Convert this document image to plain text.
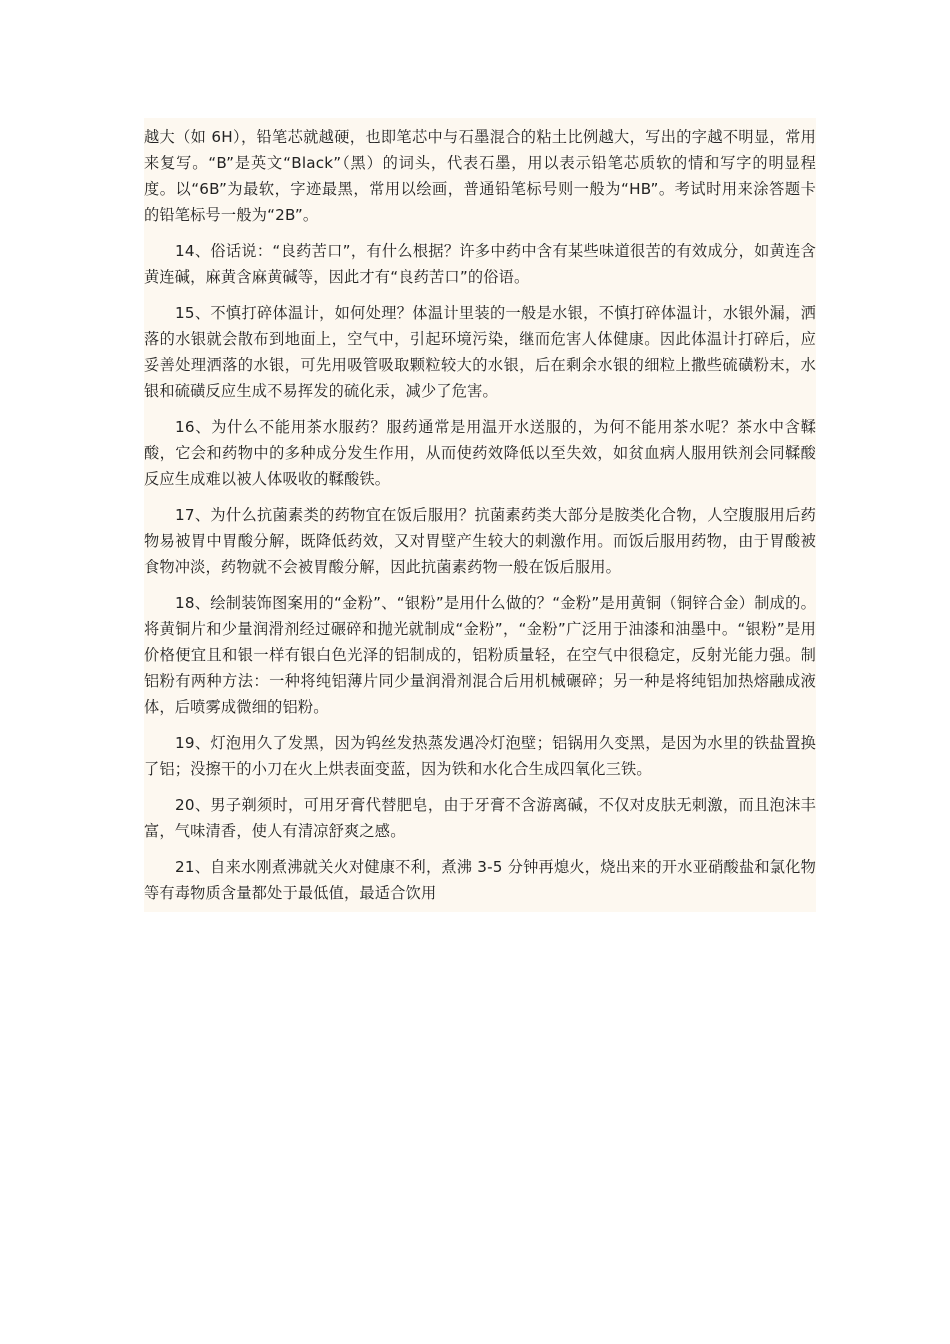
越大（如 6H），铅笔芯就越硬，也即笔芯中与石墨混合的粘土比例越大，写出的字越不明显，常用来复写。“B”是英文“Black”（黑）的词头，代表石墨，用以表示铅笔芯质软的情和写字的明显程度。以“6B”为最软，字迹最黑，常用以绘画，普通铅笔标号则一般为“HB”。考试时用来涂答题卡的铅笔标号一般为“2B”。

14、俗话说：“良药苦口”，有什么根据？许多中药中含有某些味道很苦的有效成分，如黄连含黄连碱，麻黄含麻黄碱等，因此才有“良药苦口”的俗语。

15、不慎打碎体温计，如何处理？体温计里装的一般是水银，不慎打碎体温计，水银外漏，洒落的水银就会散布到地面上，空气中，引起环境污染，继而危害人体健康。因此体温计打碎后，应妥善处理洒落的水银，可先用吸管吸取颗粒较大的水银，后在剩余水银的细粒上撒些硫磺粉末，水银和硫磺反应生成不易挥发的硫化汞，减少了危害。

16、为什么不能用茶水服药？服药通常是用温开水送服的，为何不能用茶水呢？茶水中含鞣酸，它会和药物中的多种成分发生作用，从而使药效降低以至失效，如贫血病人服用铁剂会同鞣酸反应生成难以被人体吸收的鞣酸铁。

17、为什么抗菌素类的药物宜在饭后服用？抗菌素药类大部分是胺类化合物，人空腹服用后药物易被胃中胃酸分解，既降低药效，又对胃壁产生较大的刺激作用。而饭后服用药物，由于胃酸被食物冲淡，药物就不会被胃酸分解，因此抗菌素药物一般在饭后服用。

18、绘制装饰图案用的“金粉”、“银粉”是用什么做的？“金粉”是用黄铜（铜锌合金）制成的。将黄铜片和少量润滑剂经过碾碎和抛光就制成“金粉”，“金粉”广泛用于油漆和油墨中。“银粉”是用价格便宜且和银一样有银白色光泽的铝制成的，铝粉质量轻，在空气中很稳定，反射光能力强。制铝粉有两种方法：一种将纯铝薄片同少量润滑剂混合后用机械碾碎；另一种是将纯铝加热熔融成液体，后喷雾成微细的铝粉。

19、灯泡用久了发黑，因为钨丝发热蒸发遇冷灯泡壁；铝锅用久变黑，是因为水里的铁盐置换了铝；没擦干的小刀在火上烘表面变蓝，因为铁和水化合生成四氧化三铁。

20、男子剃须时，可用牙膏代替肥皂，由于牙膏不含游离碱，不仅对皮肤无刺激，而且泡沫丰富，气味清香，使人有清凉舒爽之感。

21、自来水刚煮沸就关火对健康不利，煮沸 3-5 分钟再熄火，烧出来的开水亚硝酸盐和氯化物等有毒物质含量都处于最低值，最适合饮用
